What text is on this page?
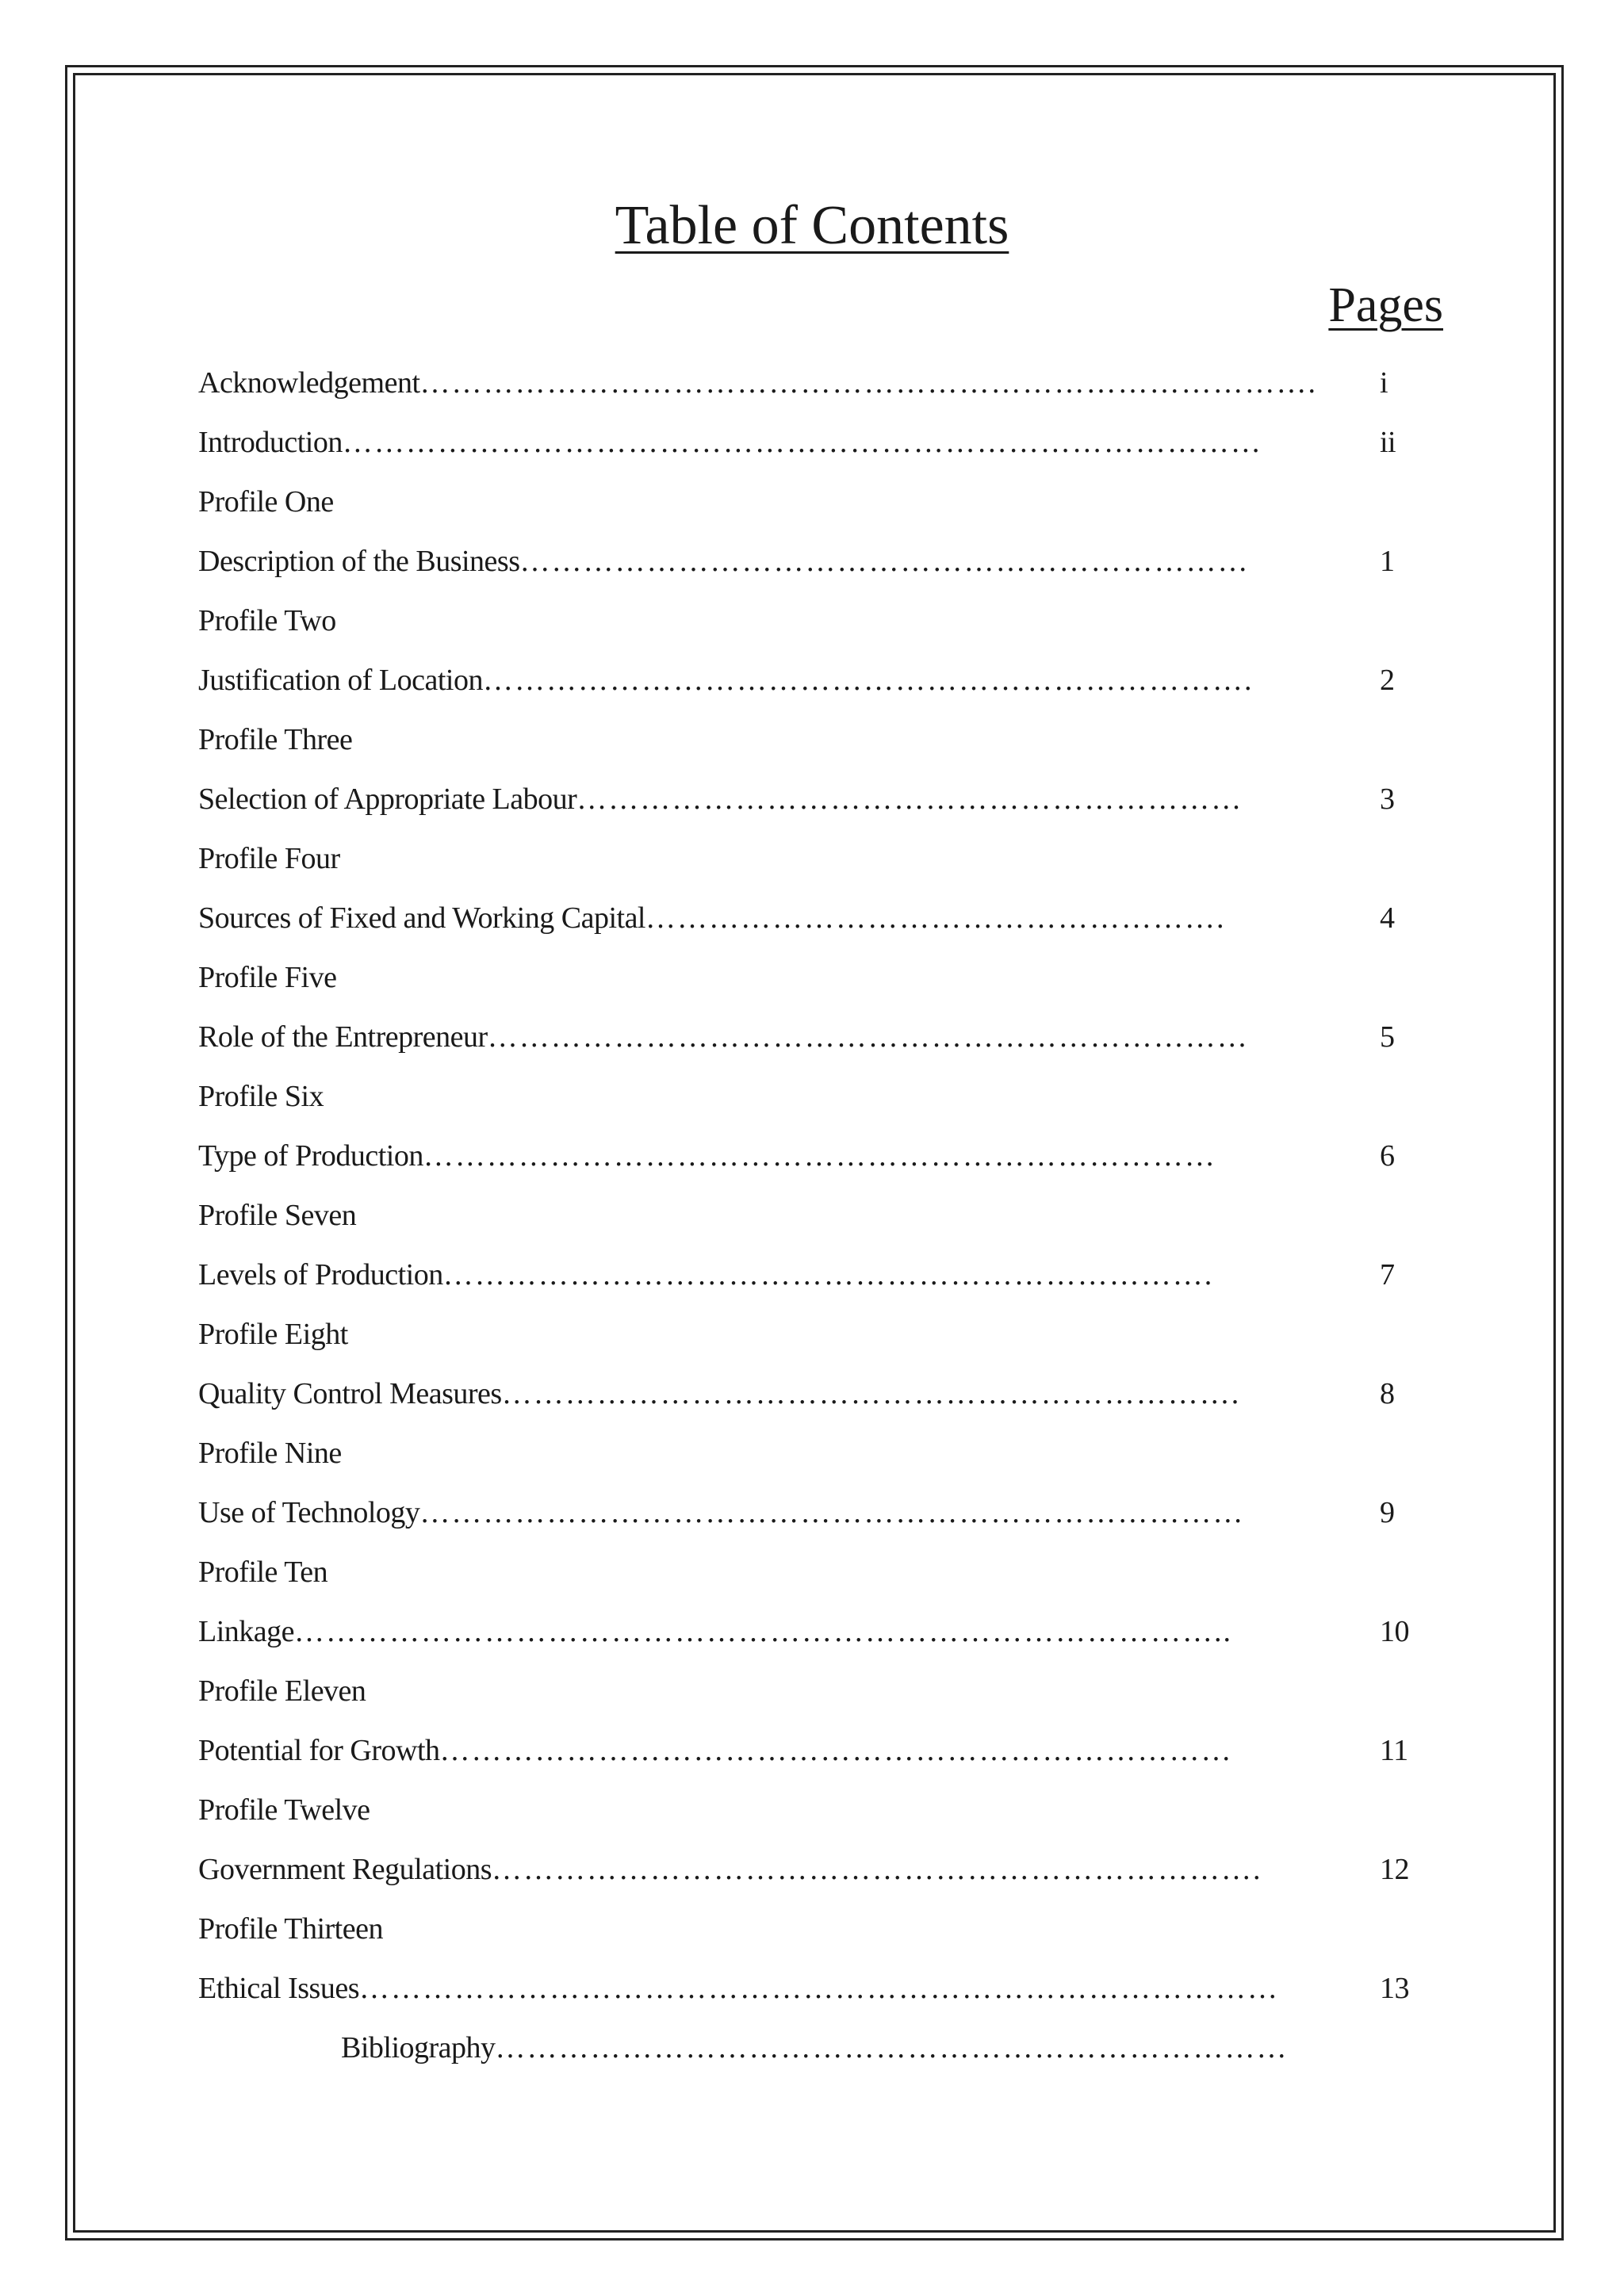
Table of Contents
Pages
Acknowledgement…………………………………………………………………………. i
Introduction……………………………………………………………………………	ii
Profile One
Description of the Business……………………………………………………………	1
Profile Two
Justification of Location……………………………………………………………….	2
Profile Three
Selection of Appropriate Labour………………………………………………………	3
Profile Four
Sources of Fixed and Working Capital……………………………………………….	4
Profile Five
Role of the Entrepreneur………………………………………………………………	5
Profile Six
Type of Production…………………………………………………………………	6
Profile Seven
Levels of Production……………………………………………………………….	7
Profile Eight
Quality Control Measures…………………………………………………………….	8
Profile Nine
Use of Technology……………………………………………………………………	9
Profile Ten
Linkage……………………………………………………………………………..	10
Profile Eleven
Potential for Growth…………………………………………………………………	11
Profile Twelve
Government Regulations……………………………………………………………….	12
Profile Thirteen
Ethical Issues……………………………………………………………………………	13
Bibliography…………………………………………………………………
